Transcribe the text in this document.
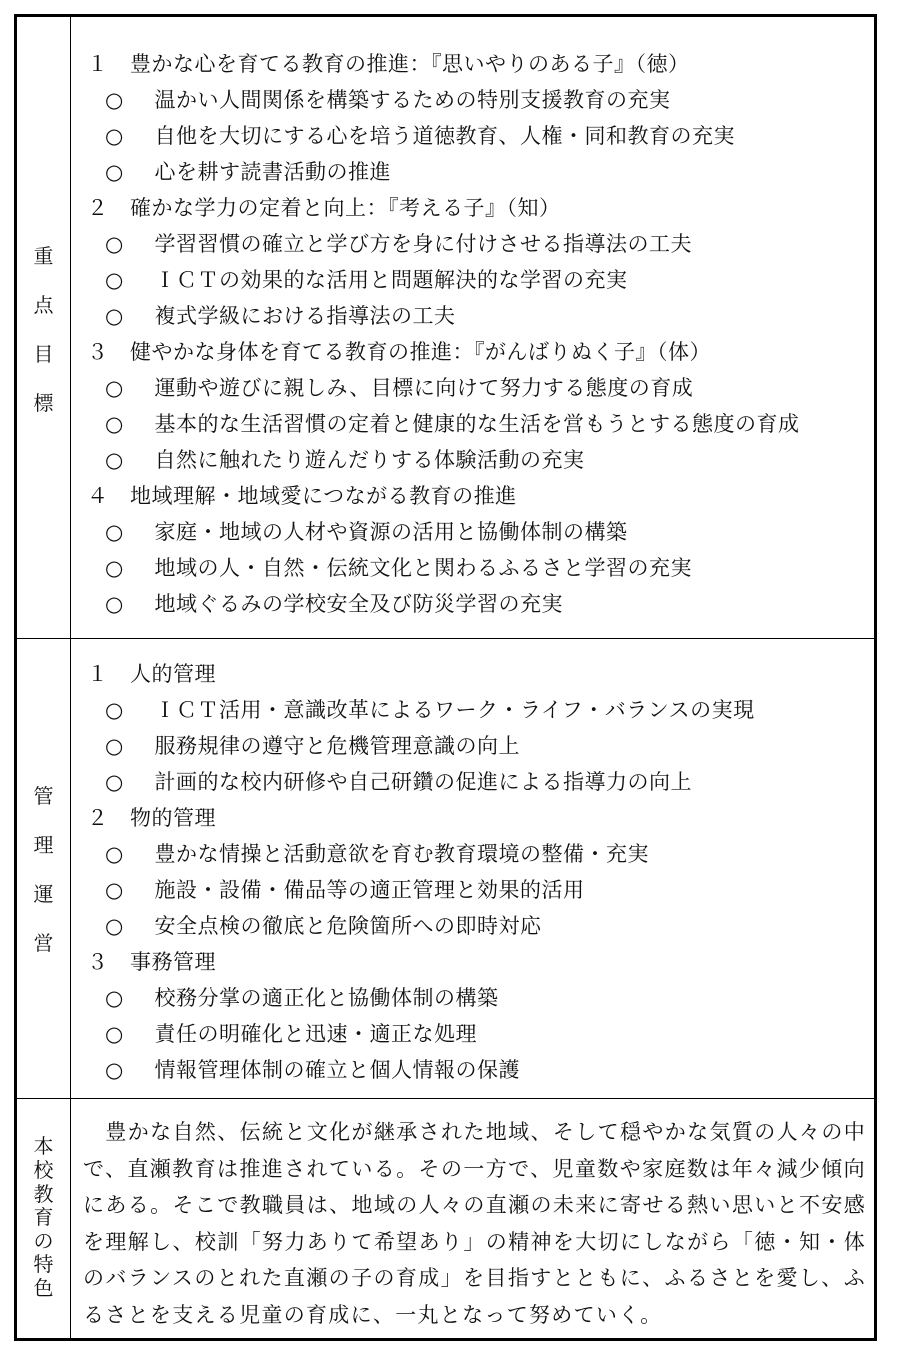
重
点
目
標
１　豊かな心を育てる教育の推進：『思いやりのある子』（徳）
○　 温かい人間関係を構築するための特別支援教育の充実
○　 自他を大切にする心を培う道徳教育、人権・同和教育の充実
○　 心を耕す読書活動の推進
２　確かな学力の定着と向上：『考える子』（知）
○　 学習習慣の確立と学び方を身に付けさせる指導法の工夫
○　 ＩＣＴの効果的な活用と問題解決的な学習の充実
○　 複式学級における指導法の工夫
３　健やかな身体を育てる教育の推進：『がんばりぬく子』（体）
○　 運動や遊びに親しみ、目標に向けて努力する態度の育成
○　 基本的な生活習慣の定着と健康的な生活を営もうとする態度の育成
○　 自然に触れたり遊んだりする体験活動の充実
４　地域理解・地域愛につながる教育の推進
○　 家庭・地域の人材や資源の活用と協働体制の構築
○　 地域の人・自然・伝統文化と関わるふるさと学習の充実
○　 地域ぐるみの学校安全及び防災学習の充実
管
理
運
営
１　人的管理
○　 ＩＣＴ活用・意識改革によるワーク・ライフ・バランスの実現
○　 服務規律の遵守と危機管理意識の向上
○　 計画的な校内研修や自己研鑽の促進による指導力の向上
２　物的管理
○　 豊かな情操と活動意欲を育む教育環境の整備・充実
○　 施設・設備・備品等の適正管理と効果的活用
○　 安全点検の徹底と危険箇所への即時対応
３　事務管理
○　 校務分掌の適正化と協働体制の構築
○　 責任の明確化と迅速・適正な処理
○　 情報管理体制の確立と個人情報の保護
本
校
教
育
の
特
色
　豊かな自然、伝統と文化が継承された地域、そして穏やかな気質の人々の中で、直瀬教育は推進されている。その一方で、児童数や家庭数は年々減少傾向にある。そこで教職員は、地域の人々の直瀬の未来に寄せる熱い思いと不安感を理解し、校訓「努力ありて希望あり」の精神を大切にしながら「徳・知・体のバランスのとれた直瀬の子の育成」を目指すとともに、ふるさとを愛し、ふるさとを支える児童の育成に、一丸となって努めていく。
